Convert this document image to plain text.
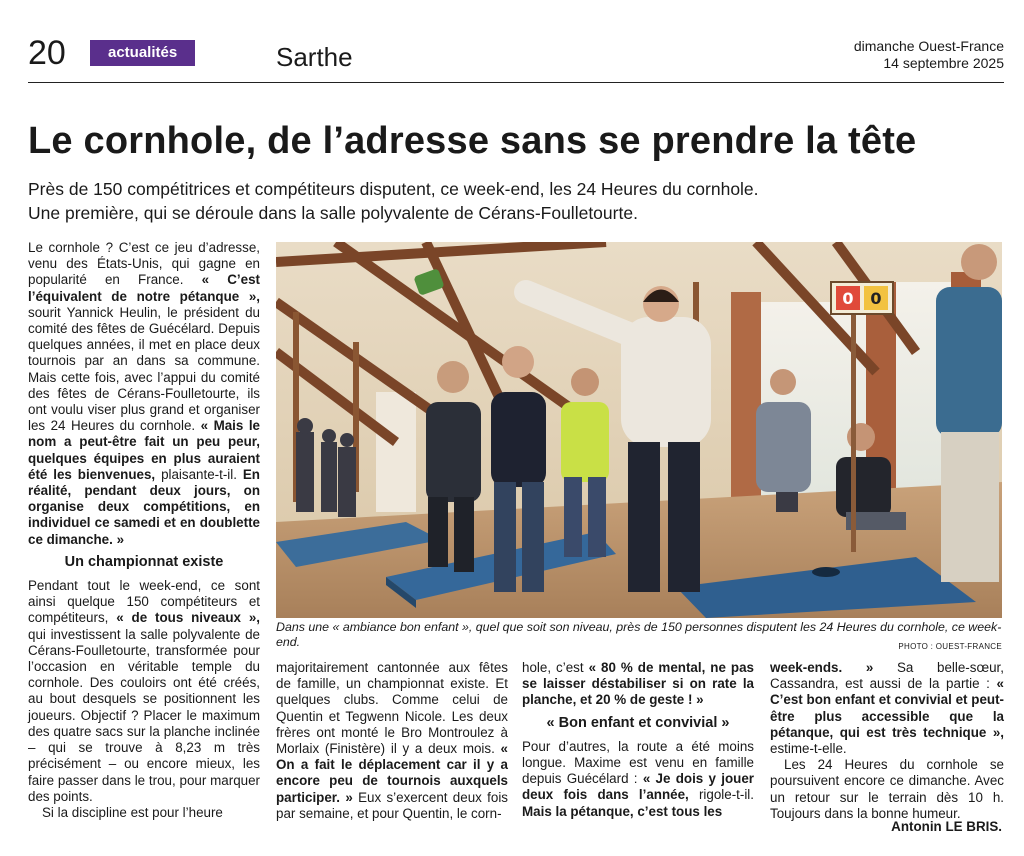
20	actualités	Sarthe	dimanche Ouest-France
14 septembre 2025
Le cornhole, de l’adresse sans se prendre la tête
Près de 150 compétitrices et compétiteurs disputent, ce week-end, les 24 Heures du cornhole.
Une première, qui se déroule dans la salle polyvalente de Cérans-Foulletourte.

Le cornhole ? C’est ce jeu d’adresse, venu des États-Unis, qui gagne en popularité en France. « C’est l’équivalent de notre pétanque », sourit Yannick Heulin, le président du comité des fêtes de Guécélard. Depuis quelques années, il met en place deux tournois par an dans sa commune. Mais cette fois, avec l’appui du comité des fêtes de Cérans-Foulletourte, ils ont voulu viser plus grand et organiser les 24 Heures du cornhole. « Mais le nom a peut-être fait un peu peur, quelques équipes en plus auraient été les bienvenues, plaisante-t-il. En réalité, pendant deux jours, on organise deux compétitions, en individuel ce samedi et en doublette ce dimanche. »

Un championnat existe

Pendant tout le week-end, ce sont ainsi quelque 150 compétiteurs et compétiteurs, « de tous niveaux », qui investissent la salle polyvalente de Cérans-Foulletourte, transformée pour l’occasion en véritable temple du cornhole. Des couloirs ont été créés, au bout desquels se positionnent les joueurs. Objectif ? Placer le maximum des quatre sacs sur la planche inclinée – qui se trouve à 8,23 m très précisément – ou encore mieux, les faire passer dans le trou, pour marquer des points.

Si la discipline est pour l’heure

0 0
Dans une « ambiance bon enfant », quel que soit son niveau, près de 150 personnes disputent les 24 Heures du cornhole, ce week-end.	PHOTO : OUEST-FRANCE

majoritairement cantonnée aux fêtes de famille, un championnat existe. Et quelques clubs. Comme celui de Quentin et Tegwenn Nicole. Les deux frères ont monté le Bro Montroulez à Morlaix (Finistère) il y a deux mois. « On a fait le déplacement car il y a encore peu de tournois auxquels participer. » Eux s’exercent deux fois par semaine, et pour Quentin, le corn-

hole, c’est « 80 % de mental, ne pas se laisser déstabiliser si on rate la planche, et 20 % de geste ! »

« Bon enfant et convivial »

Pour d’autres, la route a été moins longue. Maxime est venu en famille depuis Guécélard : « Je dois y jouer deux fois dans l’année, rigole-t-il. Mais la pétanque, c’est tous les

week-ends. » Sa belle-sœur, Cassandra, est aussi de la partie : « C’est bon enfant et convivial et peut-être plus accessible que la pétanque, qui est très technique », estime-t-elle.

Les 24 Heures du cornhole se poursuivent encore ce dimanche. Avec un retour sur le terrain dès 10 h. Toujours dans la bonne humeur.

Antonin LE BRIS.
